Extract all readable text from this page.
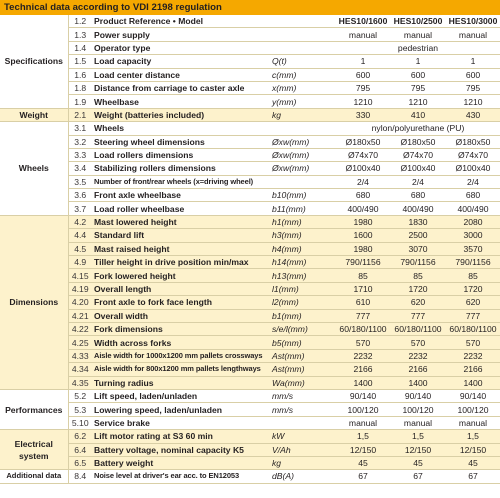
Technical data according to VDI 2198 regulation
Specifications	1.2	Product Reference • Model		HES10/1600	HES10/2500	HES10/3000
	1.3	Power supply		manual	manual	manual
	1.4	Operator type		pedestrian		
	1.5	Load capacity	Q(t)	1	1	1
	1.6	Load center distance	c(mm)	600	600	600
	1.8	Distance from carriage to caster axle	x(mm)	795	795	795
	1.9	Wheelbase	y(mm)	1210	1210	1210
Weight	2.1	Weight (batteries included)	kg	330	410	430
Wheels	3.1	Wheels		nylon/polyurethane (PU)		
	3.2	Steering wheel dimensions	Øxw(mm)	Ø180x50	Ø180x50	Ø180x50
	3.3	Load rollers dimensions	Øxw(mm)	Ø74x70	Ø74x70	Ø74x70
	3.4	Stabilizing rollers dimensions	Øxw(mm)	Ø100x40	Ø100x40	Ø100x40
	3.5	Number of front/rear wheels (x=driving wheel)		2/4	2/4	2/4
	3.6	Front axle wheelbase	b10(mm)	680	680	680
	3.7	Load roller wheelbase	b11(mm)	400/490	400/490	400/490
Dimensions	4.2	Mast lowered height	h1(mm)	1980	1830	2080
	4.4	Standard lift	h3(mm)	1600	2500	3000
	4.5	Mast raised height	h4(mm)	1980	3070	3570
	4.9	Tiller height in drive position min/max	h14(mm)	790/1156	790/1156	790/1156
	4.15	Fork lowered height	h13(mm)	85	85	85
	4.19	Overall length	l1(mm)	1710	1720	1720
	4.20	Front axle to fork face length	l2(mm)	610	620	620
	4.21	Overall width	b1(mm)	777	777	777
	4.22	Fork dimensions	s/e/l(mm)	60/180/1100	60/180/1100	60/180/1100
	4.25	Width across forks	b5(mm)	570	570	570
	4.33	Aisle width for 1000x1200 mm pallets crossways	Ast(mm)	2232	2232	2232
	4.34	Aisle width for 800x1200 mm pallets lengthways	Ast(mm)	2166	2166	2166
	4.35	Turning radius	Wa(mm)	1400	1400	1400
Performances	5.2	Lift speed, laden/unladen	mm/s	90/140	90/140	90/140
	5.3	Lowering speed, laden/unladen	mm/s	100/120	100/120	100/120
	5.10	Service brake		manual	manual	manual
Electrical system	6.2	Lift motor rating at S3 60 min	kW	1,5	1,5	1,5
	6.4	Battery voltage, nominal capacity K5	V/Ah	12/150	12/150	12/150
	6.5	Battery weight	kg	45	45	45
Additional data	8.4	Noise level at driver's ear acc. to EN12053	dB(A)	67	67	67
